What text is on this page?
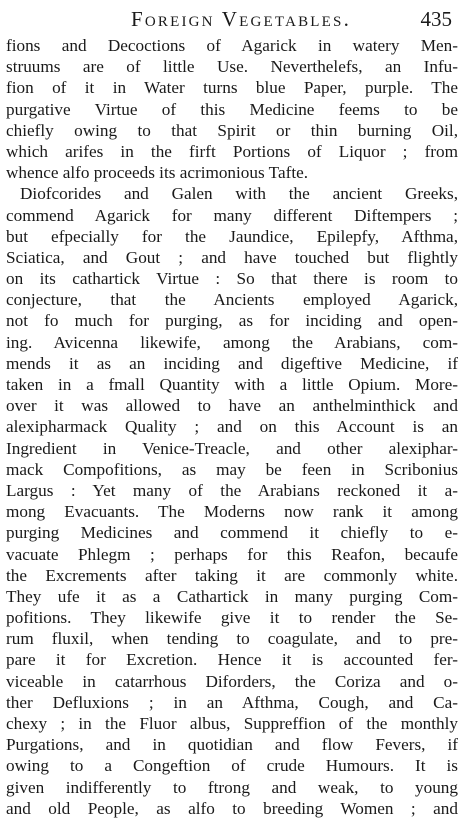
Foreign Vegetables.	435
fions and Decoctions of Agarick in watery Men-
struums are of little Use. Neverthelefs, an Infu-
fion of it in Water turns blue Paper, purple. The
purgative Virtue of this Medicine feems to be
chiefly owing to that Spirit or thin burning Oil,
which arifes in the firft Portions of Liquor ; from
whence alfo proceeds its acrimonious Tafte.
Diofcorides and Galen with the ancient Greeks,
commend Agarick for many different Diftempers ;
but efpecially for the Jaundice, Epilepfy, Afthma,
Sciatica, and Gout ; and have touched but flightly
on its cathartick Virtue : So that there is room to
conjecture, that the Ancients employed Agarick,
not fo much for purging, as for inciding and open-
ing. Avicenna likewife, among the Arabians, com-
mends it as an inciding and digeftive Medicine, if
taken in a fmall Quantity with a little Opium. More-
over it was allowed to have an anthelminthick and
alexipharmack Quality ; and on this Account is an
Ingredient in Venice-Treacle, and other alexiphar-
mack Compofitions, as may be feen in Scribonius
Largus : Yet many of the Arabians reckoned it a-
mong Evacuants. The Moderns now rank it among
purging Medicines and commend it chiefly to e-
vacuate Phlegm ; perhaps for this Reafon, becaufe
the Excrements after taking it are commonly white.
They ufe it as a Cathartick in many purging Com-
pofitions. They likewife give it to render the Se-
rum fluxil, when tending to coagulate, and to pre-
pare it for Excretion. Hence it is accounted fer-
viceable in catarrhous Diforders, the Coriza and o-
ther Defluxions ; in an Afthma, Cough, and Ca-
chexy ; in the Fluor albus, Suppreffion of the monthly
Purgations, and in quotidian and flow Fevers, if
owing to a Congeftion of crude Humours. It is
given indifferently to ftrong and weak, to young
and old People, as alfo to breeding Women ; and
